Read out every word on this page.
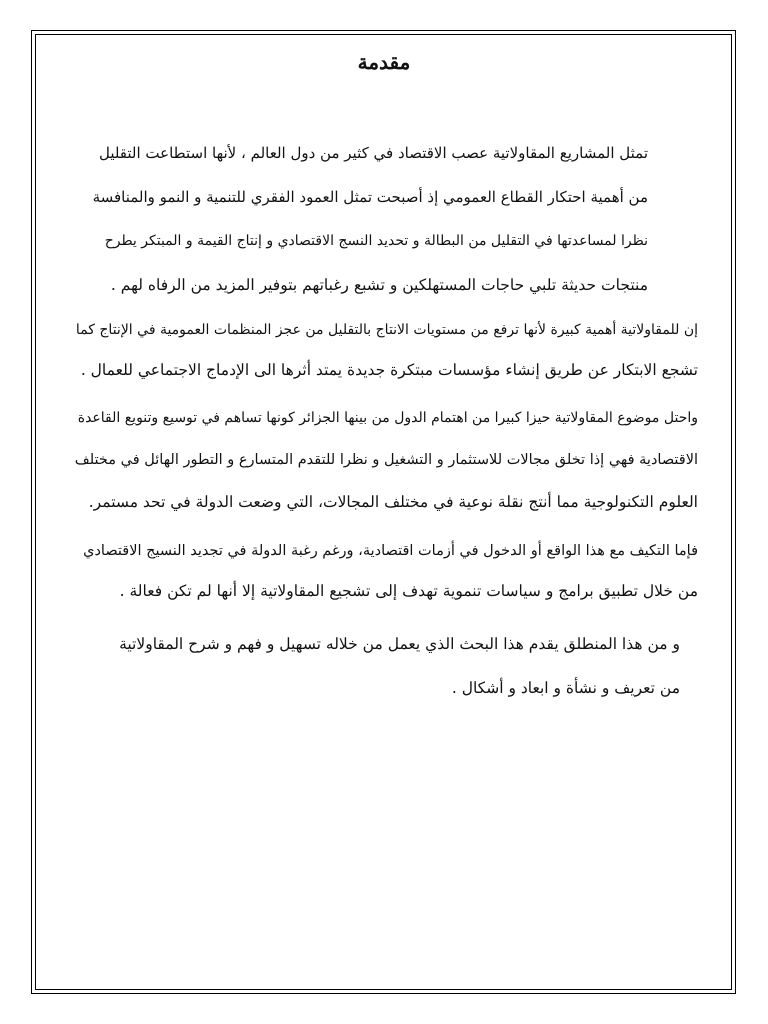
مقدمة
تمثل المشاريع المقاولاتية عصب الاقتصاد في كثير من دول العالم ، لأنها استطاعت التقليل
من أهمية احتكار القطاع العمومي إذ أصبحت تمثل العمود الفقري للتنمية و النمو والمنافسة
نظرا لمساعدتها في التقليل من البطالة و تحديد النسج الاقتصادي و إنتاج القيمة و المبتكر يطرح
منتجات حديثة تلبي حاجات المستهلكين و تشبع رغباتهم بتوفير المزيد من الرفاه لهم .
إن للمقاولاتية أهمية كبيرة لأنها ترفع من مستويات الانتاج بالتقليل من عجز المنظمات العمومية في الإنتاج كما
تشجع الابتكار عن طريق إنشاء مؤسسات مبتكرة جديدة يمتد أثرها الى الإدماج الاجتماعي للعمال .
واحتل موضوع المقاولاتية حيزا كبيرا من اهتمام الدول من بينها الجزائر كونها تساهم في توسيع وتنويع القاعدة
الاقتصادية فهي إذا تخلق مجالات للاستثمار و التشغيل و نظرا للتقدم المتسارع و التطور الهائل في مختلف
العلوم التكنولوجية مما أنتج نقلة نوعية في مختلف المجالات، التي وضعت الدولة في تحد مستمر.
فإما التكيف مع هذا الواقع أو الدخول في أزمات اقتصادية، ورغم رغبة الدولة في تجديد النسيج الاقتصادي
من خلال تطبيق برامج و سياسات تنموية تهدف إلى تشجيع المقاولاتية إلا أنها لم تكن فعالة .
و من هذا المنطلق يقدم هذا البحث الذي يعمل من خلاله تسهيل و فهم و شرح المقاولاتية
من تعريف و نشأة و ابعاد و أشكال .
